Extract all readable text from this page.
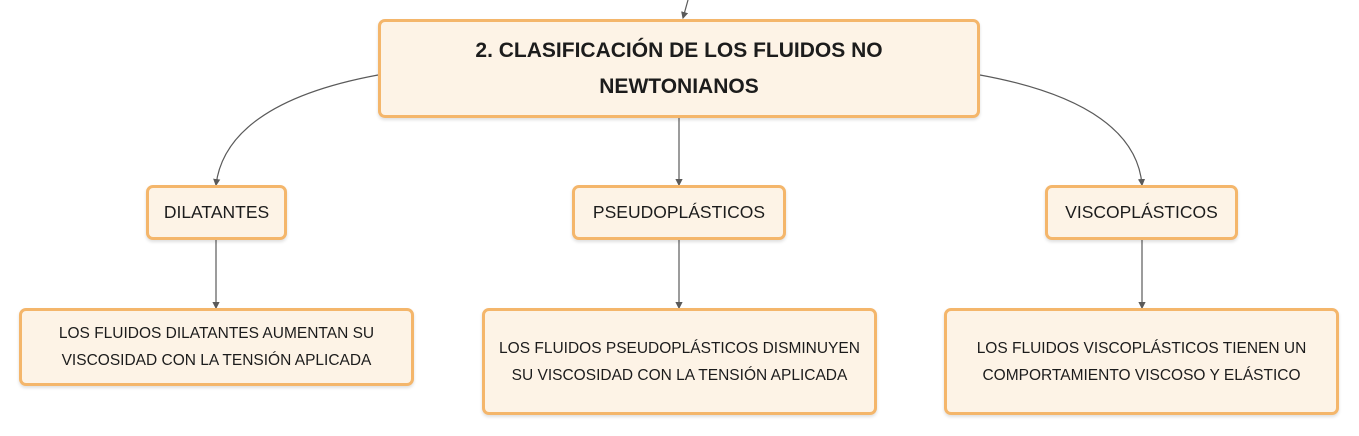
2. CLASIFICACIÓN DE LOS FLUIDOS NO NEWTONIANOS
DILATANTES	PSEUDOPLÁSTICOS	VISCOPLÁSTICOS
LOS FLUIDOS DILATANTES AUMENTAN SU VISCOSIDAD CON LA TENSIÓN APLICADA
LOS FLUIDOS PSEUDOPLÁSTICOS DISMINUYEN SU VISCOSIDAD CON LA TENSIÓN APLICADA
LOS FLUIDOS VISCOPLÁSTICOS TIENEN UN COMPORTAMIENTO VISCOSO Y ELÁSTICO
